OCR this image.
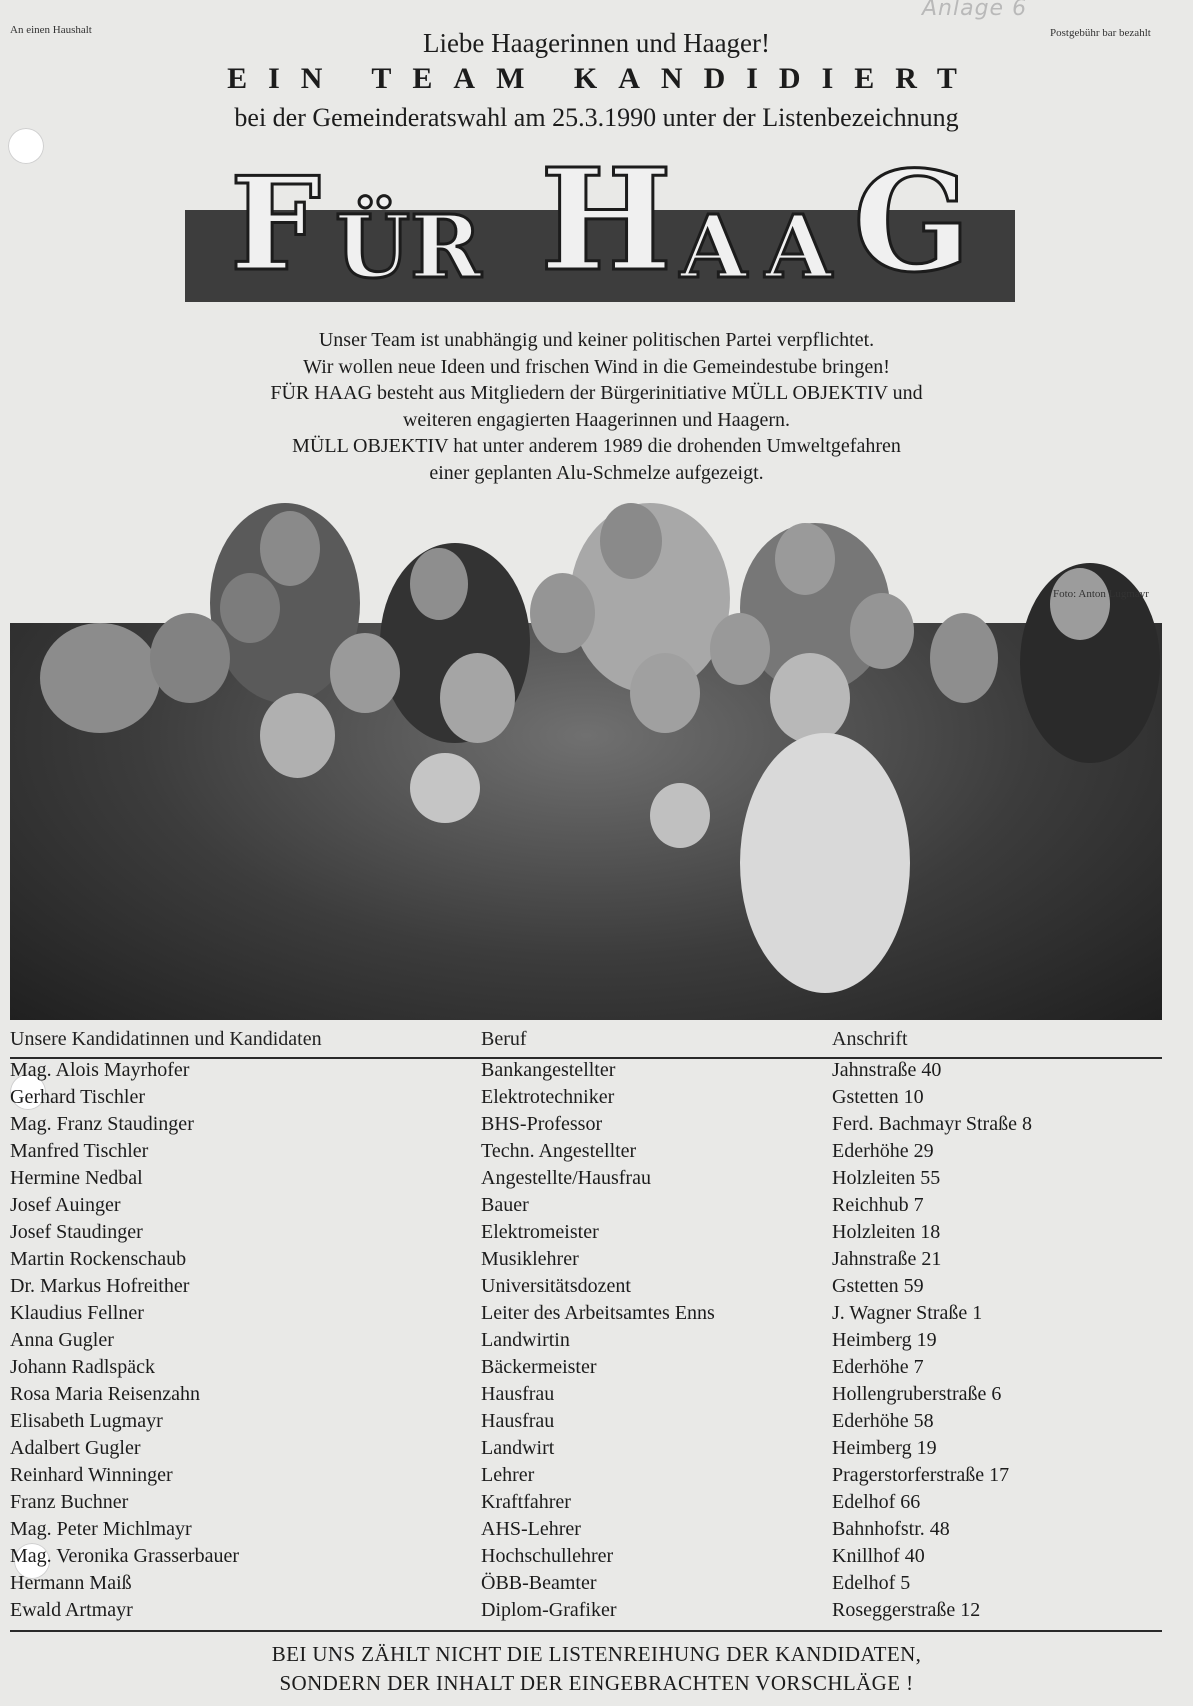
An einen Haushalt	Postgebühr bar bezahlt
Anlage 6
Liebe Haagerinnen und Haager!
EIN TEAM KANDIDIERT
bei der Gemeinderatswahl am 25.3.1990 unter der Listenbezeichnung
F ÜR H A A G
Unser Team ist unabhängig und keiner politischen Partei verpflichtet.
Wir wollen neue Ideen und frischen Wind in die Gemeindestube bringen!
FÜR HAAG besteht aus Mitgliedern der Bürgerinitiative MÜLL OBJEKTIV und
weiteren engagierten Haagerinnen und Haagern.
MÜLL OBJEKTIV hat unter anderem 1989 die drohenden Umweltgefahren
einer geplanten Alu-Schmelze aufgezeigt.
Foto: Anton Lugmayr
Unsere Kandidatinnen und Kandidaten	Beruf	Anschrift
Mag. Alois Mayrhofer	Bankangestellter	Jahnstraße 40
Gerhard Tischler	Elektrotechniker	Gstetten 10
Mag. Franz Staudinger	BHS-Professor	Ferd. Bachmayr Straße 8
Manfred Tischler	Techn. Angestellter	Ederhöhe 29
Hermine Nedbal	Angestellte/Hausfrau	Holzleiten 55
Josef Auinger	Bauer	Reichhub 7
Josef Staudinger	Elektromeister	Holzleiten 18
Martin Rockenschaub	Musiklehrer	Jahnstraße 21
Dr. Markus Hofreither	Universitätsdozent	Gstetten 59
Klaudius Fellner	Leiter des Arbeitsamtes Enns	J. Wagner Straße 1
Anna Gugler	Landwirtin	Heimberg 19
Johann Radlspäck	Bäckermeister	Ederhöhe 7
Rosa Maria Reisenzahn	Hausfrau	Hollengruberstraße 6
Elisabeth Lugmayr	Hausfrau	Ederhöhe 58
Adalbert Gugler	Landwirt	Heimberg 19
Reinhard Winninger	Lehrer	Pragerstorferstraße 17
Franz Buchner	Kraftfahrer	Edelhof 66
Mag. Peter Michlmayr	AHS-Lehrer	Bahnhofstr. 48
Mag. Veronika Grasserbauer	Hochschullehrer	Knillhof 40
Hermann Maiß	ÖBB-Beamter	Edelhof 5
Ewald Artmayr	Diplom-Grafiker	Roseggerstraße 12
BEI UNS ZÄHLT NICHT DIE LISTENREIHUNG DER KANDIDATEN,
SONDERN DER INHALT DER EINGEBRACHTEN VORSCHLÄGE !
